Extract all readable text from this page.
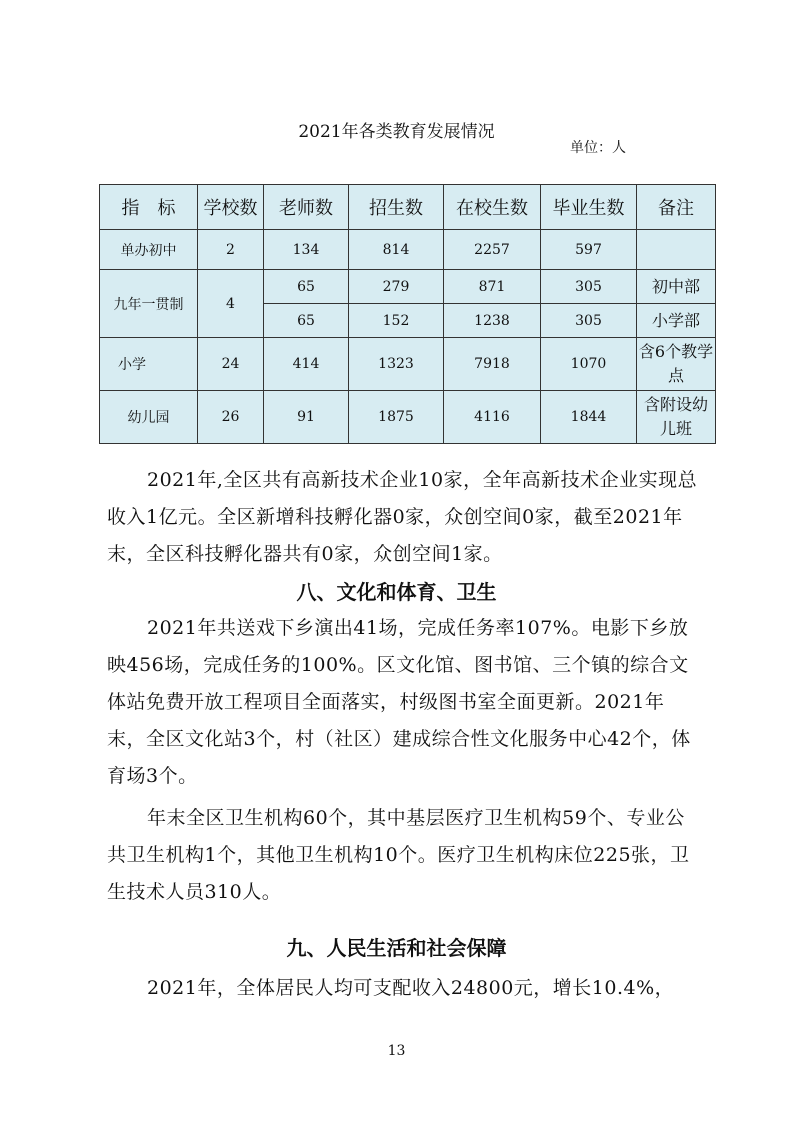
2021年各类教育发展情况
单位：人
指　标	学校数	老师数	招生数	在校生数	毕业生数	备注
单办初中	2	134	814	2257	597	
九年一贯制	4	65	279	871	305	初中部
		65	152	1238	305	小学部
小学	24	414	1323	7918	1070	含6个教学点
幼儿园	26	91	1875	4116	1844	含附设幼儿班

2021年,全区共有高新技术企业10家，全年高新技术企业实现总收入1亿元。全区新增科技孵化器0家，众创空间0家，截至2021年末，全区科技孵化器共有0家，众创空间1家。

八、文化和体育、卫生

2021年共送戏下乡演出41场，完成任务率107%。电影下乡放映456场，完成任务的100%。区文化馆、图书馆、三个镇的综合文体站免费开放工程项目全面落实，村级图书室全面更新。2021年末，全区文化站3个，村（社区）建成综合性文化服务中心42个，体育场3个。

年末全区卫生机构60个，其中基层医疗卫生机构59个、专业公共卫生机构1个，其他卫生机构10个。医疗卫生机构床位225张，卫生技术人员310人。

九、人民生活和社会保障

2021年，全体居民人均可支配收入24800元，增长10.4%，

13
